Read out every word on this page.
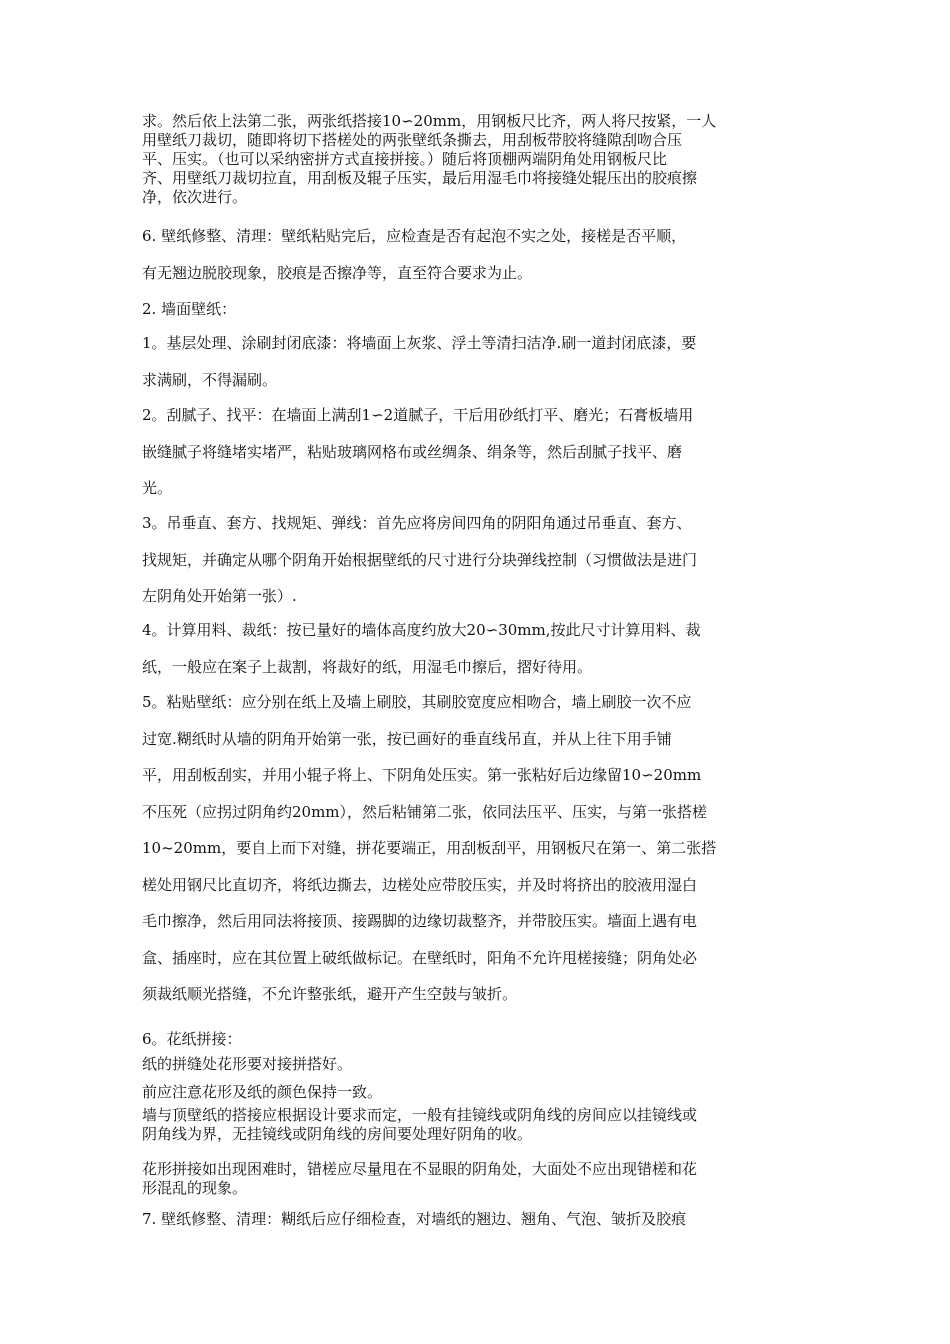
求。然后依上法第二张，两张纸搭接10∽20mm，用钢板尺比齐，两人将尺按紧，一人
用壁纸刀裁切，随即将切下搭槎处的两张壁纸条撕去，用刮板带胶将缝隙刮吻合压
平、压实。（也可以采纳密拼方式直接拼接。）随后将顶棚两端阴角处用钢板尺比
齐、用壁纸刀裁切拉直，用刮板及辊子压实，最后用湿毛巾将接缝处辊压出的胶痕擦
净，依次进行。
6. 壁纸修整、清理：壁纸粘贴完后，应检查是否有起泡不实之处，接槎是否平顺，
有无翘边脱胶现象，胶痕是否擦净等，直至符合要求为止。
2. 墙面壁纸：
1。基层处理、涂刷封闭底漆：将墙面上灰浆、浮土等清扫洁净.刷一道封闭底漆，要
求满刷，不得漏刷。
2。刮腻子、找平：在墙面上满刮1∽2道腻子，干后用砂纸打平、磨光；石膏板墙用
嵌缝腻子将缝堵实堵严，粘贴玻璃网格布或丝绸条、绢条等，然后刮腻子找平、磨
光。
3。吊垂直、套方、找规矩、弹线：首先应将房间四角的阴阳角通过吊垂直、套方、
找规矩，并确定从哪个阴角开始根据壁纸的尺寸进行分块弹线控制（习惯做法是进门
左阴角处开始第一张）.
4。计算用料、裁纸：按已量好的墙体高度约放大20∽30mm,按此尺寸计算用料、裁
纸，一般应在案子上裁割，将裁好的纸，用湿毛巾擦后，摺好待用。
5。粘贴壁纸：应分别在纸上及墙上刷胶，其刷胶宽度应相吻合，墙上刷胶一次不应
过宽.糊纸时从墙的阴角开始第一张，按已画好的垂直线吊直，并从上往下用手铺
平，用刮板刮实，并用小辊子将上、下阴角处压实。第一张粘好后边缘留10∽20mm
不压死（应拐过阴角约20mm），然后粘铺第二张，依同法压平、压实，与第一张搭槎
10~20mm，要自上而下对缝，拼花要端正，用刮板刮平，用钢板尺在第一、第二张搭
槎处用钢尺比直切齐，将纸边撕去，边槎处应带胶压实，并及时将挤出的胶液用湿白
毛巾擦净，然后用同法将接顶、接踢脚的边缘切裁整齐，并带胶压实。墙面上遇有电
盒、插座时，应在其位置上破纸做标记。在壁纸时，阳角不允许甩槎接缝；阴角处必
须裁纸顺光搭缝，不允许整张纸，避开产生空鼓与皱折。
6。花纸拼接：
纸的拼缝处花形要对接拼搭好。
前应注意花形及纸的颜色保持一致。
墙与顶壁纸的搭接应根据设计要求而定，一般有挂镜线或阴角线的房间应以挂镜线或
阴角线为界，无挂镜线或阴角线的房间要处理好阴角的收。
花形拼接如出现困难时，错槎应尽量甩在不显眼的阴角处，大面处不应出现错槎和花
形混乱的现象。
7. 壁纸修整、清理：糊纸后应仔细检查，对墙纸的翘边、翘角、气泡、皱折及胶痕
